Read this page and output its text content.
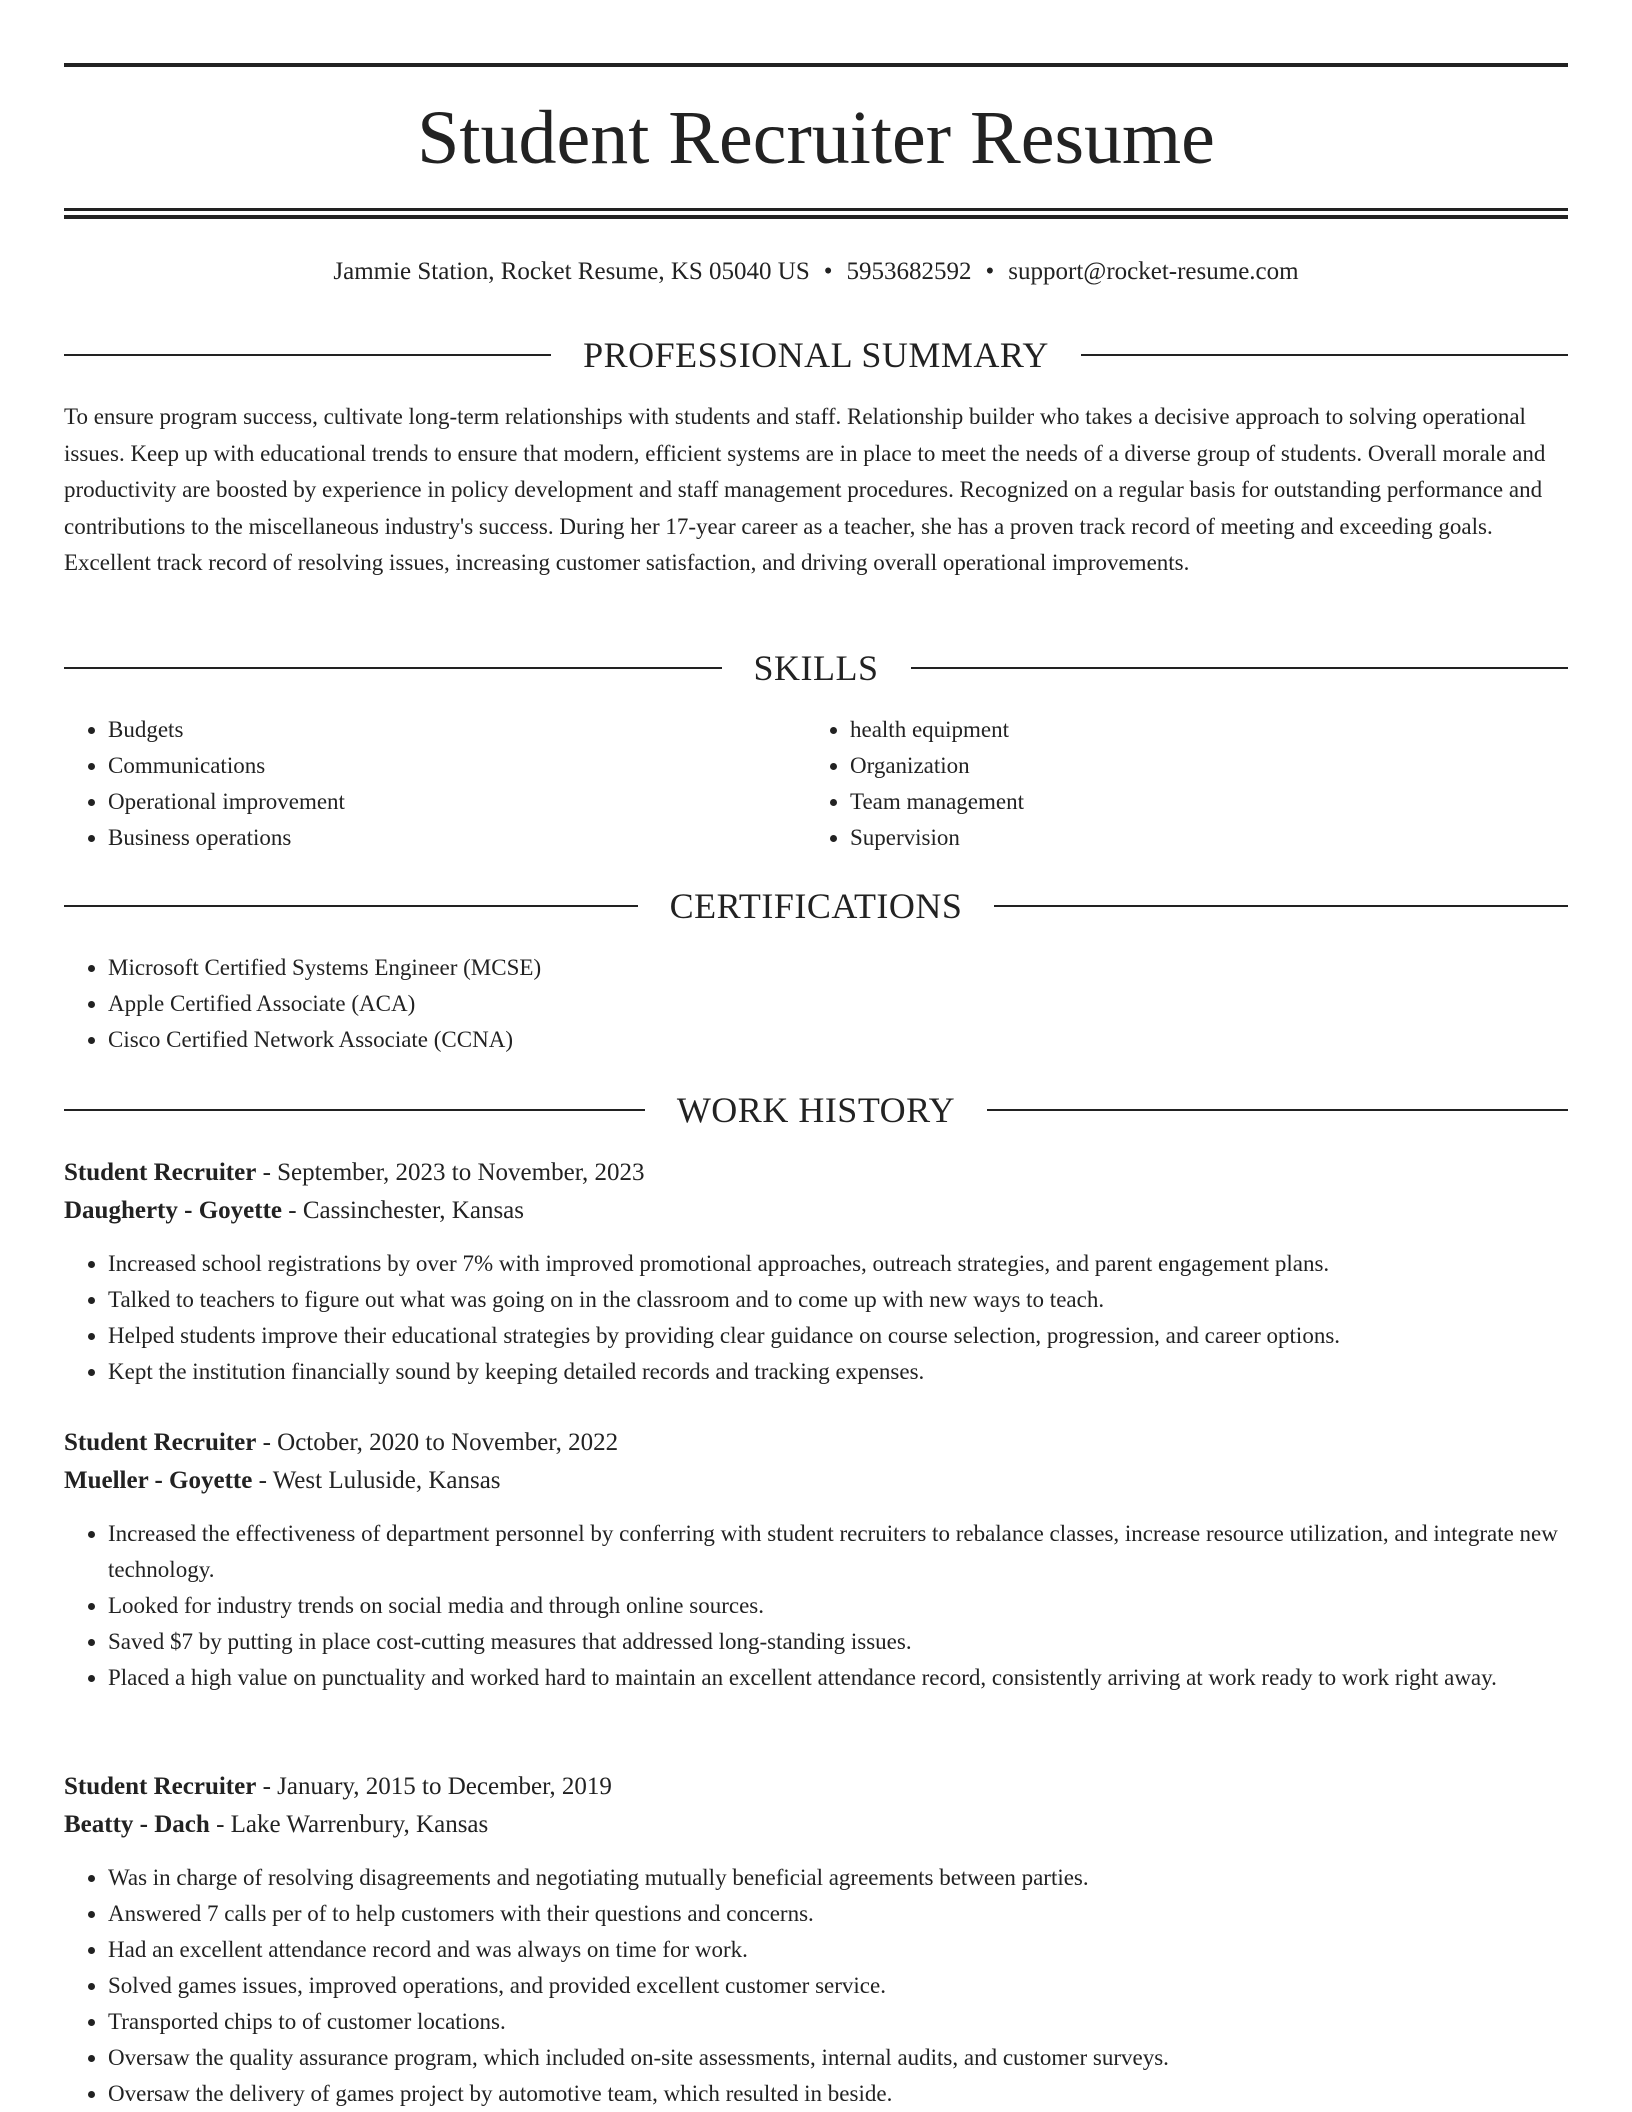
Student Recruiter Resume
Jammie Station, Rocket Resume, KS 05040 US • 5953682592 • support@rocket-resume.com
PROFESSIONAL SUMMARY

To ensure program success, cultivate long-term relationships with students and staff. Relationship builder who takes a decisive approach to solving operational issues. Keep up with educational trends to ensure that modern, efficient systems are in place to meet the needs of a diverse group of students. Overall morale and productivity are boosted by experience in policy development and staff management procedures. Recognized on a regular basis for outstanding performance and contributions to the miscellaneous industry's success. During her 17-year career as a teacher, she has a proven track record of meeting and exceeding goals. Excellent track record of resolving issues, increasing customer satisfaction, and driving overall operational improvements.

SKILLS
• Budgets
• Communications
• Operational improvement
• Business operations
• health equipment
• Organization
• Team management
• Supervision
CERTIFICATIONS
• Microsoft Certified Systems Engineer (MCSE)
• Apple Certified Associate (ACA)
• Cisco Certified Network Associate (CCNA)
WORK HISTORY
Student Recruiter - September, 2023 to November, 2023
Daugherty - Goyette - Cassinchester, Kansas
• Increased school registrations by over 7% with improved promotional approaches, outreach strategies, and parent engagement plans.
• Talked to teachers to figure out what was going on in the classroom and to come up with new ways to teach.
• Helped students improve their educational strategies by providing clear guidance on course selection, progression, and career options.
• Kept the institution financially sound by keeping detailed records and tracking expenses.
Student Recruiter - October, 2020 to November, 2022
Mueller - Goyette - West Luluside, Kansas
• Increased the effectiveness of department personnel by conferring with student recruiters to rebalance classes, increase resource utilization, and integrate new technology.
• Looked for industry trends on social media and through online sources.
• Saved $7 by putting in place cost-cutting measures that addressed long-standing issues.
• Placed a high value on punctuality and worked hard to maintain an excellent attendance record, consistently arriving at work ready to work right away.
Student Recruiter - January, 2015 to December, 2019
Beatty - Dach - Lake Warrenbury, Kansas
• Was in charge of resolving disagreements and negotiating mutually beneficial agreements between parties.
• Answered 7 calls per of to help customers with their questions and concerns.
• Had an excellent attendance record and was always on time for work.
• Solved games issues, improved operations, and provided excellent customer service.
• Transported chips to of customer locations.
• Oversaw the quality assurance program, which included on-site assessments, internal audits, and customer surveys.
• Oversaw the delivery of games project by automotive team, which resulted in beside.
